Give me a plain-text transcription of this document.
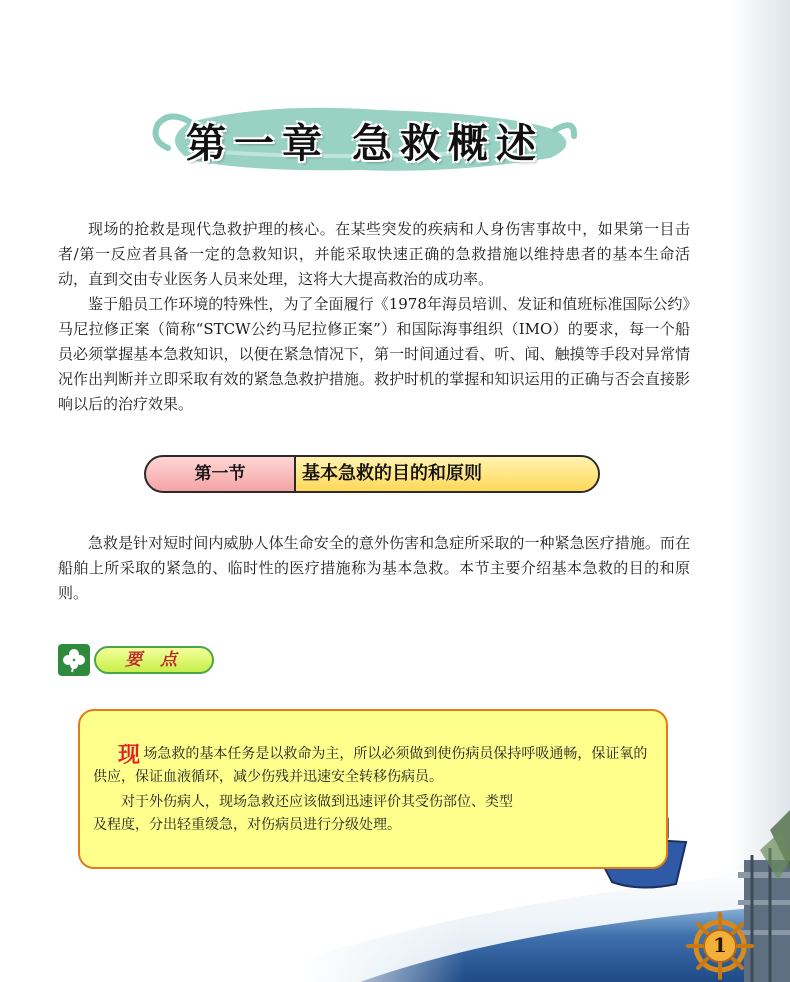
第一章 急救概述

现场的抢救是现代急救护理的核心。在某些突发的疾病和人身伤害事故中，如果第一目击者/第一反应者具备一定的急救知识，并能采取快速正确的急救措施以维持患者的基本生命活动，直到交由专业医务人员来处理，这将大大提高救治的成功率。

鉴于船员工作环境的特殊性，为了全面履行《1978年海员培训、发证和值班标准国际公约》马尼拉修正案（简称“STCW公约马尼拉修正案”）和国际海事组织（IMO）的要求，每一个船员必须掌握基本急救知识，以便在紧急情况下，第一时间通过看、听、闻、触摸等手段对异常情况作出判断并立即采取有效的紧急急救护措施。救护时机的掌握和知识运用的正确与否会直接影响以后的治疗效果。

第一节	基本急救的目的和原则

急救是针对短时间内威胁人体生命安全的意外伤害和急症所采取的一种紧急医疗措施。而在船舶上所采取的紧急的、临时性的医疗措施称为基本急救。本节主要介绍基本急救的目的和原则。

要 点
现 场急救的基本任务是以救命为主，所以必须做到使伤病员保持呼吸通畅，保证氧的供应，保证血液循环，减少伤残并迅速安全转移伤病员。

对于外伤病人，现场急救还应该做到迅速评价其受伤部位、类型及程度，分出轻重缓急，对伤病员进行分级处理。

1
